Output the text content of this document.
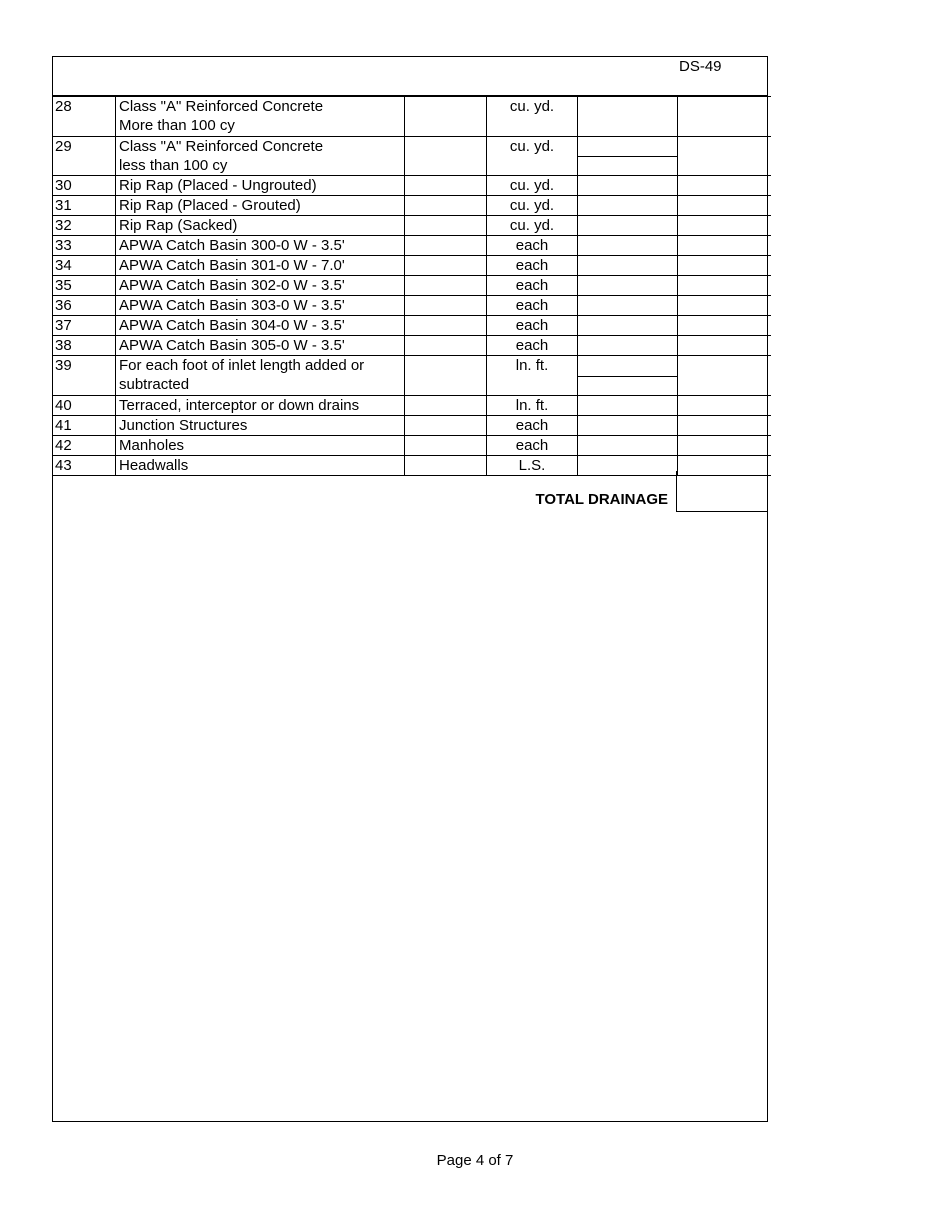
DS-49
28	Class "A" Reinforced Concrete
More than 100 cy		cu. yd.		
29	Class "A" Reinforced Concrete
less than 100 cy		cu. yd.	

30	Rip Rap (Placed - Ungrouted)		cu. yd.		
31	Rip Rap (Placed - Grouted)		cu. yd.		
32	Rip Rap (Sacked)		cu. yd.		
33	APWA Catch Basin 300-0 W - 3.5'		each		
34	APWA Catch Basin 301-0 W - 7.0'		each		
35	APWA Catch Basin 302-0 W - 3.5'		each		
36	APWA Catch Basin 303-0 W - 3.5'		each		
37	APWA Catch Basin 304-0 W - 3.5'		each		
38	APWA Catch Basin 305-0 W - 3.5'		each		
39	For each foot of inlet length added or
subtracted		ln. ft.	

40	Terraced, interceptor or down drains		ln. ft.		
41	Junction Structures		each		
42	Manholes		each		
43	Headwalls		L.S.		
TOTAL DRAINAGE
Page 4 of 7
